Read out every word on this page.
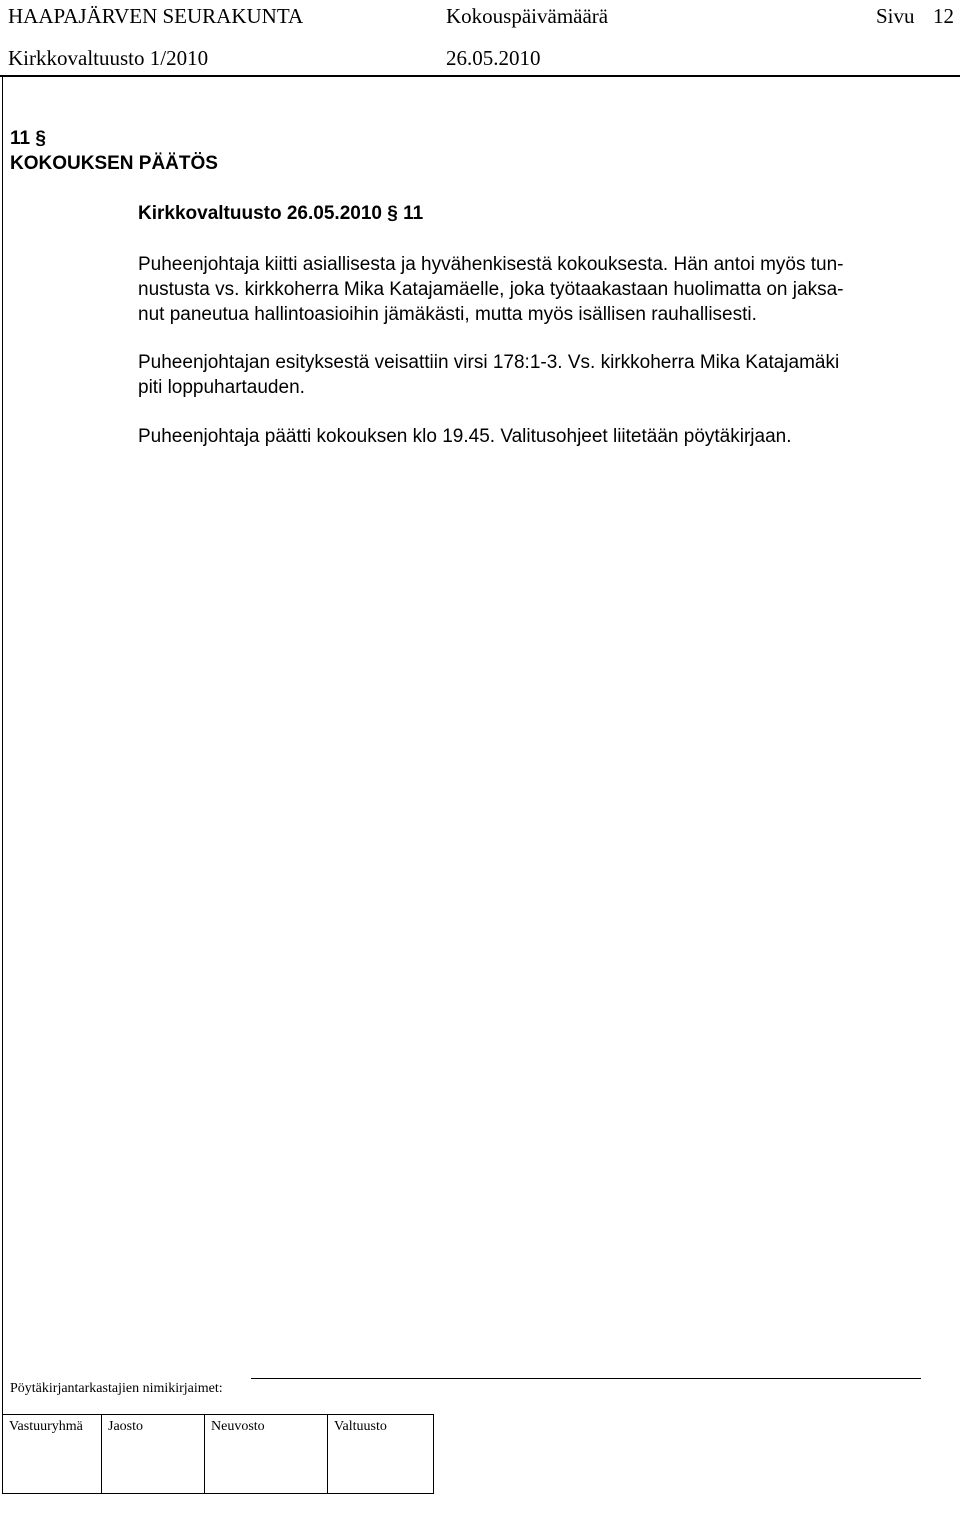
HAAPAJÄRVEN SEURAKUNTA	Kokouspäivämäärä	Sivu 12
Kirkkovaltuusto 1/2010	26.05.2010
11 §
KOKOUKSEN PÄÄTÖS
Kirkkovaltuusto 26.05.2010 § 11
Puheenjohtaja kiitti asiallisesta ja hyvähenkisestä kokouksesta. Hän antoi myös tun-
nustusta vs. kirkkoherra Mika Katajamäelle, joka työtaakastaan huolimatta on jaksa-
nut paneutua hallintoasioihin jämäkästi, mutta myös isällisen rauhallisesti.
Puheenjohtajan esityksestä veisattiin virsi 178:1-3. Vs. kirkkoherra Mika Katajamäki
piti loppuhartauden.
Puheenjohtaja päätti kokouksen klo 19.45. Valitusohjeet liitetään pöytäkirjaan.
Pöytäkirjantarkastajien nimikirjaimet:
Vastuuryhmä Jaosto	Neuvosto	Valtuusto
